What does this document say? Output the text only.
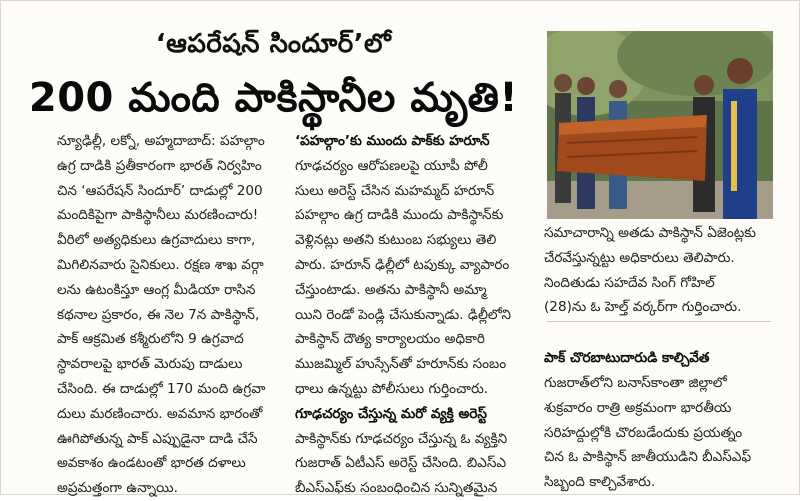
‘ఆపరేషన్ సిందూర్’లో
200 మంది పాకిస్థానీల మృతి!

న్యూఢిల్లీ, లక్నో, అహ్మదాబాద్: పహల్గాం

ఉగ్ర దాడికి ప్రతీకారంగా భారత్ నిర్వహిం

చిన ‘ఆపరేషన్ సిందూర్’ దాడుల్లో 200

మందికిపైగా పాకిస్థానీలు మరణించారు!

వీరిలో అత్యధికులు ఉగ్రవాదులు కాగా,

మిగిలినవారు సైనికులు. రక్షణ శాఖ వర్గా

లను ఉటంకిస్తూ ఆంగ్ల మీడియా రాసిన

కథనాల ప్రకారం, ఈ నెల 7న పాకిస్థాన్,

పాక్ ఆక్రమిత కశ్మీరులోని 9 ఉగ్రవాద

స్థావరాలపై భారత్ మెరుపు దాడులు

చేసింది. ఈ దాడుల్లో 170 మంది ఉగ్రవా

దులు మరణించారు. అవమాన భారంతో

ఊగిపోతున్న పాక్ ఎప్పుడైనా దాడి చేసే

అవకాశం ఉండటంతో భారత దళాలు

అప్రమత్తంగా ఉన్నాయి.

‘పహల్గాం’కు ముందు పాక్‌కు హరూన్

గూఢచర్యం ఆరోపణలపై యూపీ పోలీ

సులు అరెస్ట్ చేసిన మహమ్మద్ హరూన్

పహల్గాం ఉగ్ర దాడికి ముందు పాకిస్థాన్‌కు

వెళ్లినట్లు అతని కుటుంబ సభ్యులు తెలి

పారు. హరూన్ ఢిల్లీలో టపుక్కు వ్యాపారం

చేస్తుంటాడు. అతను పాకిస్థానీ అమ్మా

యిని రెండో పెండ్లి చేసుకున్నాడు. ఢిల్లీలోని

పాకిస్థాన్ దౌత్య కార్యాలయం అధికారి

ముజమ్మిల్ హుస్సేన్‌తో హరూన్‌కు సంబం

ధాలు ఉన్నట్టు పోలీసులు గుర్తించారు.

గూఢచర్యం చేస్తున్న మరో వ్యక్తి అరెస్ట్

పాకిస్థాన్‌కు గూఢచర్యం చేస్తున్న ఓ వ్యక్తిని

గుజరాత్ ఏటీఎస్ అరెస్ట్ చేసింది. బిఎస్ఎ

బీఎస్ఎఫ్‌కు సంబంధించిన సున్నితమైన

సమాచారాన్ని అతడు పాకిస్థాన్ ఏజెంట్లకు

చేరవేస్తున్నట్టు అధికారులు తెలిపారు.

నిందితుడు సహదేవ సింగ్ గోహిల్

(28)ను ఓ హెల్త్ వర్కర్‌గా గుర్తించారు.

పాక్ చొరబాటుదారుడి కాల్చివేత

గుజరాత్‌లోని బనాస్‌కాంతా జిల్లాలో

శుక్రవారం రాత్రి అక్రమంగా భారతీయ

సరిహద్దుల్లోకి చొరబడేందుకు ప్రయత్నం

చిన ఓ పాకిస్థాన్ జాతీయుడిని బీఎస్ఎఫ్

సిబ్బంది కాల్చివేశారు.
